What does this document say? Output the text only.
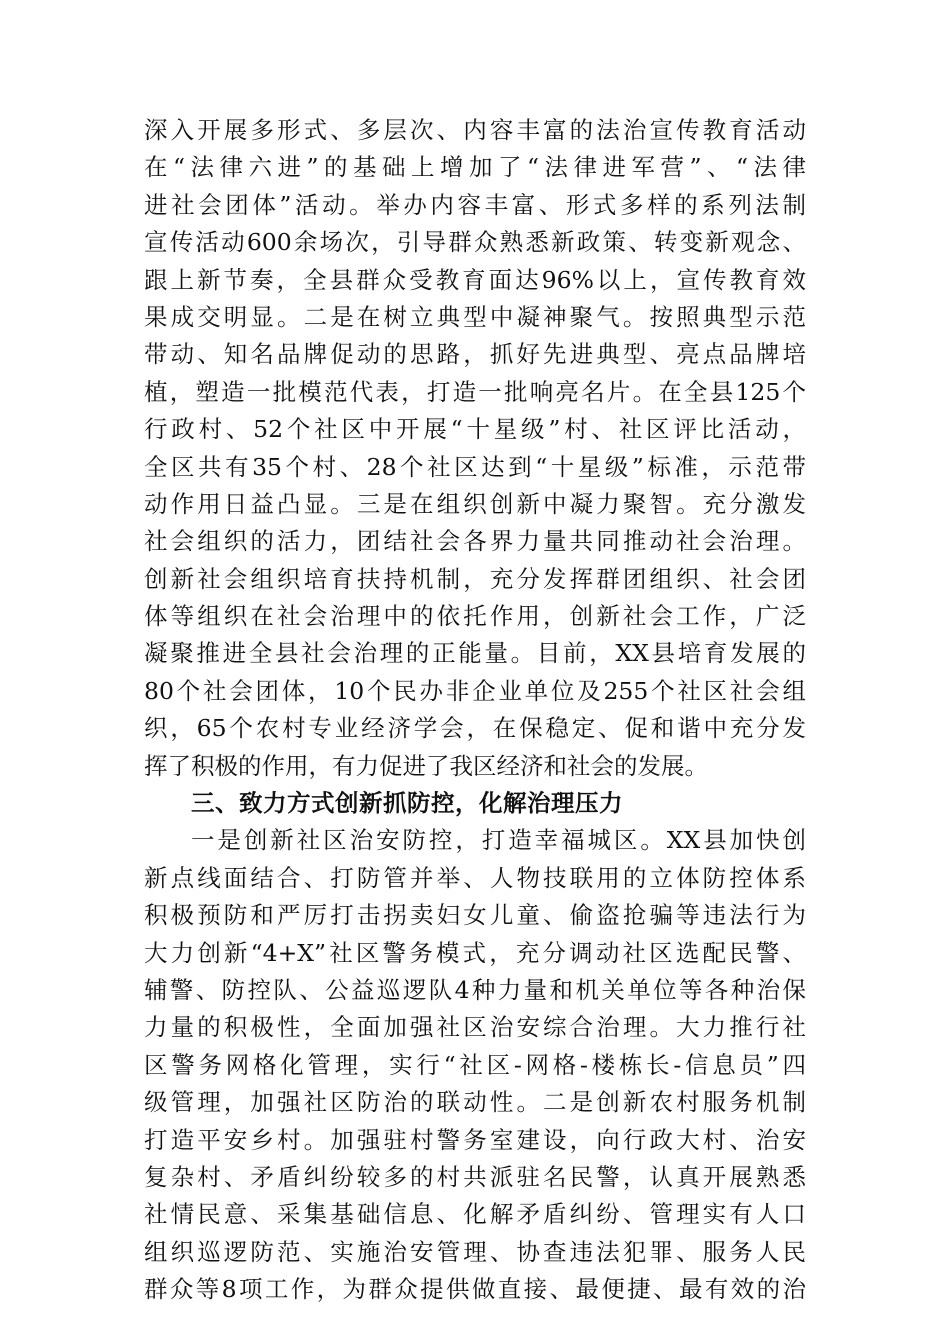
深入开展多形式、多层次、内容丰富的法治宣传教育活动
在“法律六进”的基础上增加了“法律进军营”、“法律
进社会团体”活动。举办内容丰富、形式多样的系列法制
宣传活动600余场次，引导群众熟悉新政策、转变新观念、
跟上新节奏，全县群众受教育面达96%以上，宣传教育效
果成交明显。二是在树立典型中凝神聚气。按照典型示范
带动、知名品牌促动的思路，抓好先进典型、亮点品牌培
植，塑造一批模范代表，打造一批响亮名片。在全县125个
行政村、52个社区中开展“十星级”村、社区评比活动，
全区共有35个村、28个社区达到“十星级”标准，示范带
动作用日益凸显。三是在组织创新中凝力聚智。充分激发
社会组织的活力，团结社会各界力量共同推动社会治理。
创新社会组织培育扶持机制，充分发挥群团组织、社会团
体等组织在社会治理中的依托作用，创新社会工作，广泛
凝聚推进全县社会治理的正能量。目前，XX县培育发展的
80个社会团体，10个民办非企业单位及255个社区社会组
织，65个农村专业经济学会，在保稳定、促和谐中充分发
挥了积极的作用，有力促进了我区经济和社会的发展。
三、致力方式创新抓防控，化解治理压力
一是创新社区治安防控，打造幸福城区。XX县加快创
新点线面结合、打防管并举、人物技联用的立体防控体系
积极预防和严厉打击拐卖妇女儿童、偷盗抢骗等违法行为
大力创新“4+X”社区警务模式，充分调动社区选配民警、
辅警、防控队、公益巡逻队4种力量和机关单位等各种治保
力量的积极性，全面加强社区治安综合治理。大力推行社
区警务网格化管理，实行“社区-网格-楼栋长-信息员”四
级管理，加强社区防治的联动性。二是创新农村服务机制
打造平安乡村。加强驻村警务室建设，向行政大村、治安
复杂村、矛盾纠纷较多的村共派驻名民警，认真开展熟悉
社情民意、采集基础信息、化解矛盾纠纷、管理实有人口
组织巡逻防范、实施治安管理、协查违法犯罪、服务人民
群众等8项工作，为群众提供做直接、最便捷、最有效的治
